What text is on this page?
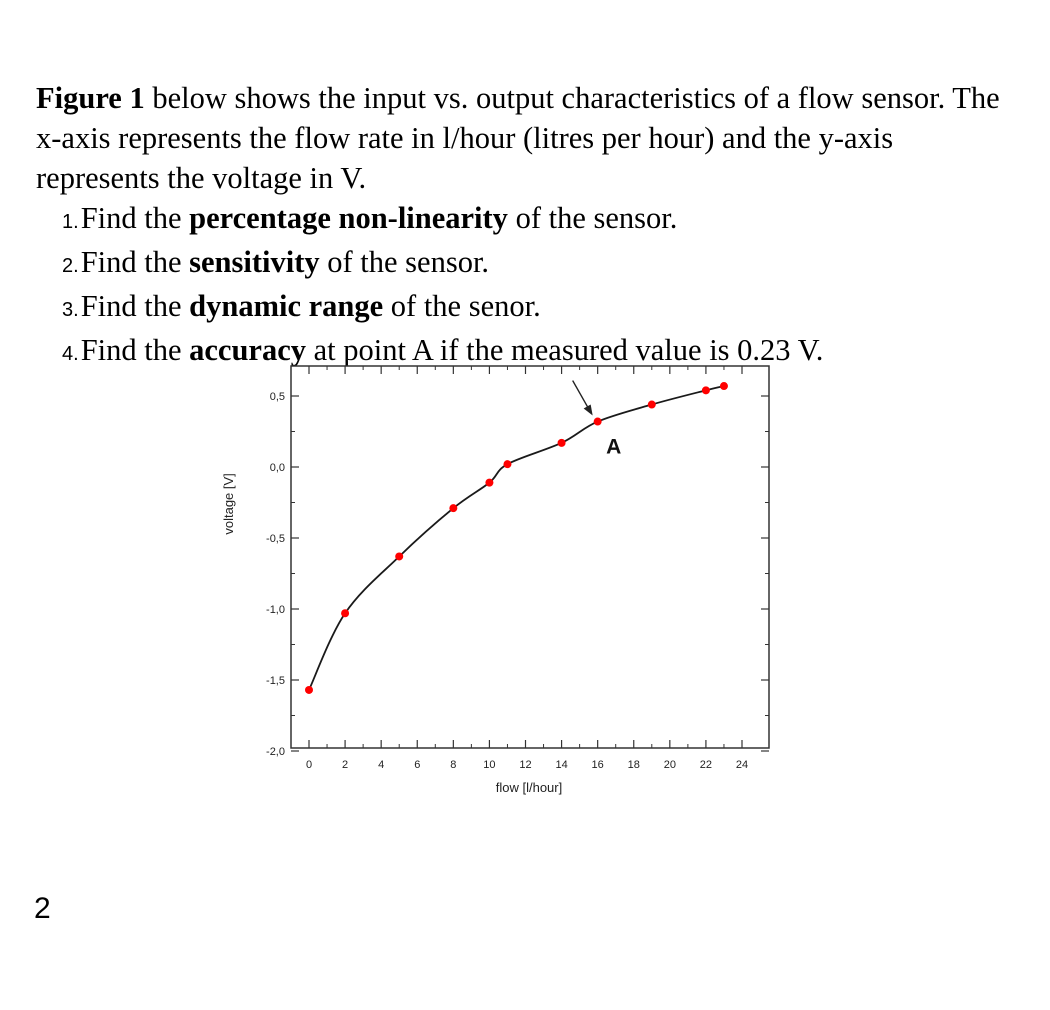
Figure 1 below shows the input vs. output characteristics of a flow sensor. The x-axis represents the flow rate in l/hour (litres per hour) and the y-axis represents the voltage in V.
1.Find the percentage non-linearity of the sensor.
2.Find the sensitivity of the sensor.
3.Find the dynamic range of the senor.
4.Find the accuracy at point A if the measured value is 0.23 V.
0	2	4	6	8 10 12 14 16 18 20 22 24
0,5
0,0
-0,5
-1,0
-1,5
-2,0
flow [l/hour]
voltage [V]
A
2
